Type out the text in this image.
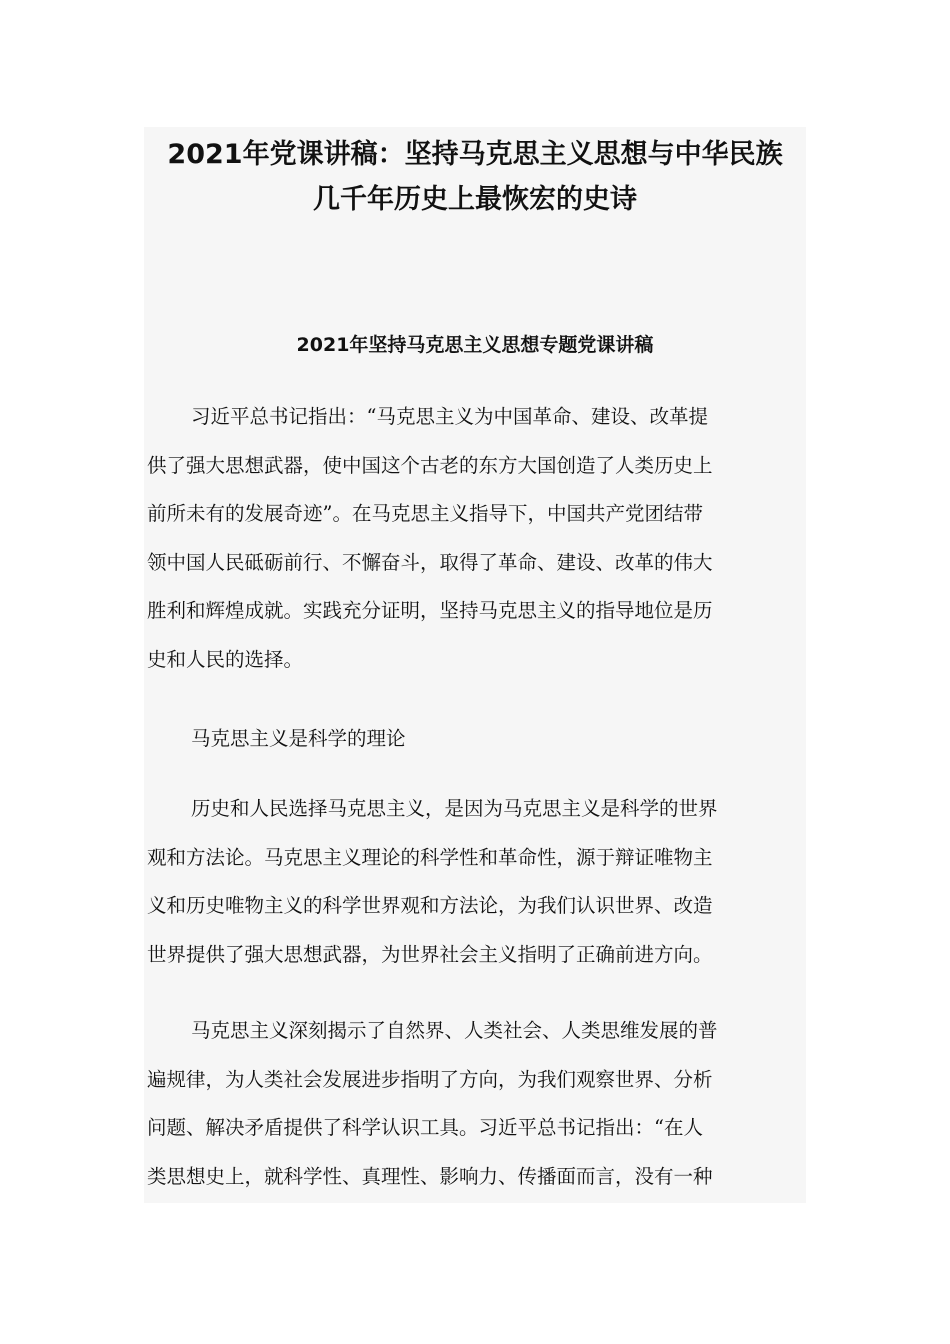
2021年党课讲稿：坚持马克思主义思想与中华民族
几千年历史上最恢宏的史诗
2021年坚持马克思主义思想专题党课讲稿
习近平总书记指出：“马克思主义为中国革命、建设、改革提
供了强大思想武器，使中国这个古老的东方大国创造了人类历史上
前所未有的发展奇迹”。在马克思主义指导下，中国共产党团结带
领中国人民砥砺前行、不懈奋斗，取得了革命、建设、改革的伟大
胜利和辉煌成就。实践充分证明，坚持马克思主义的指导地位是历
史和人民的选择。
马克思主义是科学的理论
历史和人民选择马克思主义，是因为马克思主义是科学的世界
观和方法论。马克思主义理论的科学性和革命性，源于辩证唯物主
义和历史唯物主义的科学世界观和方法论，为我们认识世界、改造
世界提供了强大思想武器，为世界社会主义指明了正确前进方向。
马克思主义深刻揭示了自然界、人类社会、人类思维发展的普
遍规律，为人类社会发展进步指明了方向，为我们观察世界、分析
问题、解决矛盾提供了科学认识工具。习近平总书记指出：“在人
类思想史上，就科学性、真理性、影响力、传播面而言，没有一种
